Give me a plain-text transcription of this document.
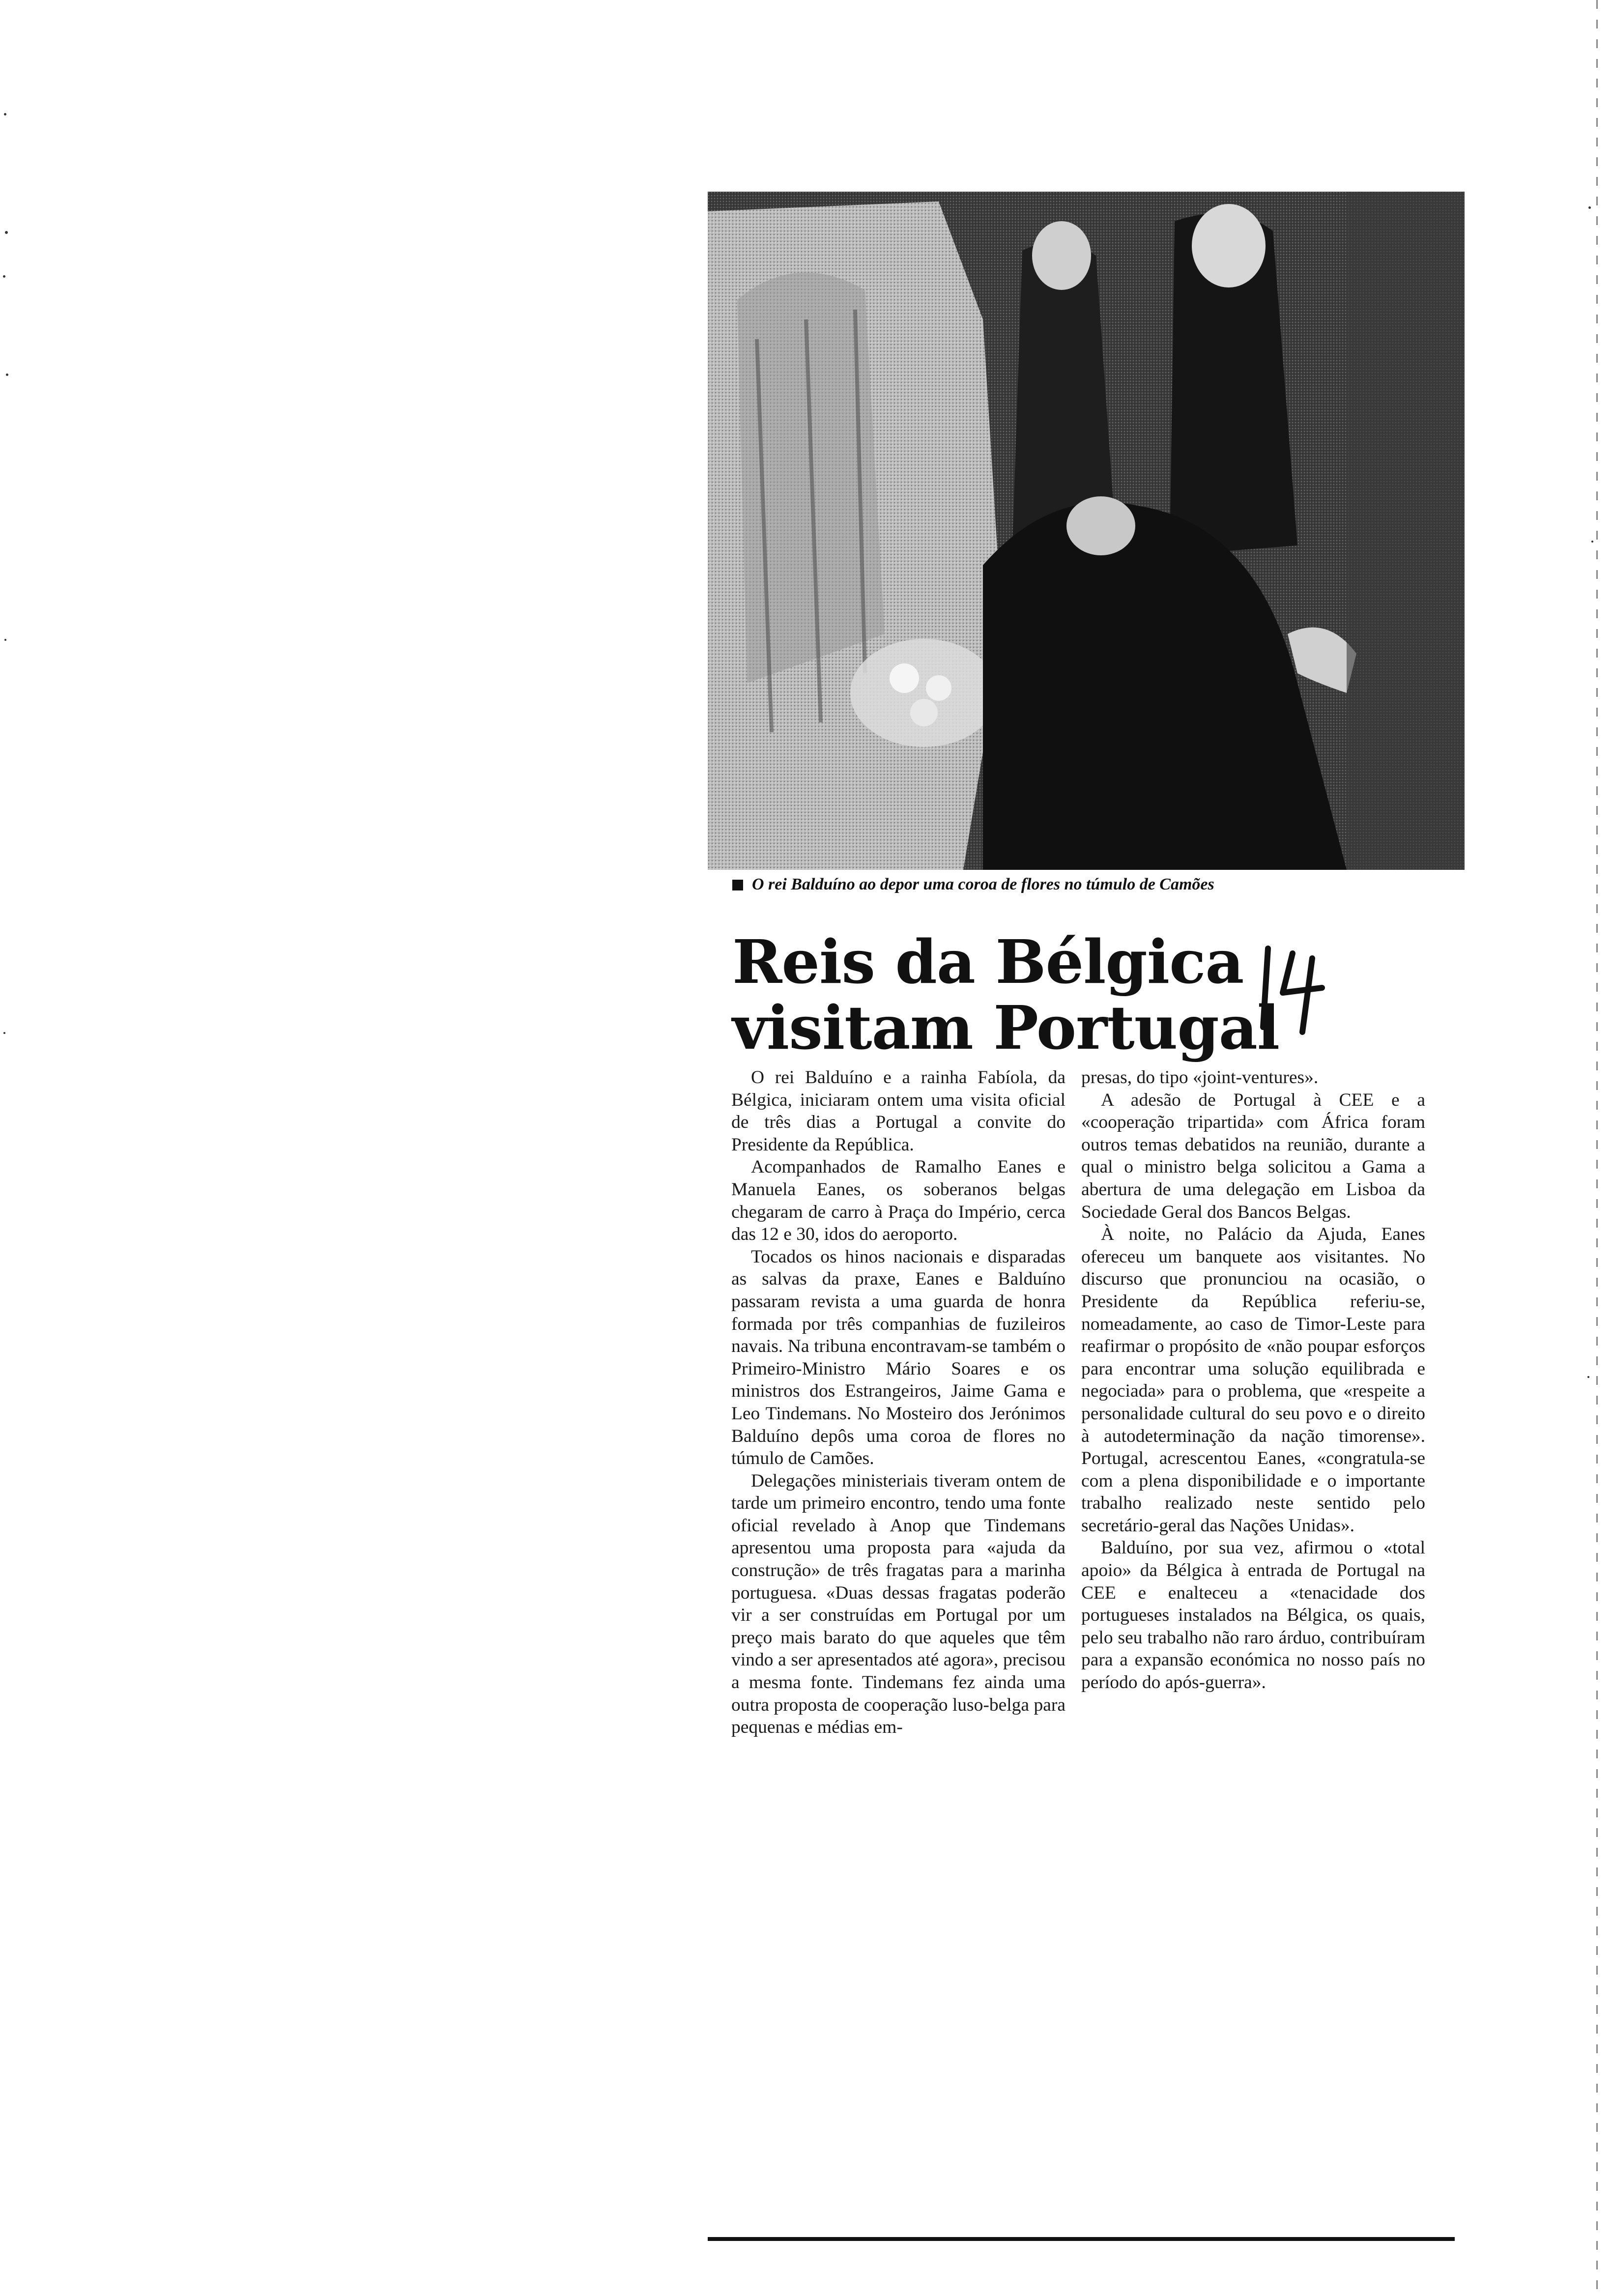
O rei Balduíno ao depor uma coroa de flores no túmulo de Camões
Reis da Bélgica
visitam Portugal

O rei Balduíno e a rainha Fabíola, da Bélgica, iniciaram ontem uma visita oficial de três dias a Portugal a convite do Presidente da República.

Acompanhados de Ramalho Eanes e Manuela Eanes, os soberanos belgas chegaram de carro à Praça do Império, cerca das 12 e 30, idos do aeroporto.

Tocados os hinos nacionais e disparadas as salvas da praxe, Eanes e Balduíno passaram revista a uma guarda de honra formada por três companhias de fuzileiros navais. Na tribuna encontravam-se também o Primeiro-Ministro Mário Soares e os ministros dos Estrangeiros, Jaime Gama e Leo Tindemans. No Mosteiro dos Jerónimos Balduíno depôs uma coroa de flores no túmulo de Camões.

Delegações ministeriais tiveram ontem de tarde um primeiro encontro, tendo uma fonte oficial revelado à Anop que Tindemans apresentou uma proposta para «ajuda da construção» de três fragatas para a marinha portuguesa. «Duas dessas fragatas poderão vir a ser construídas em Portugal por um preço mais barato do que aqueles que têm vindo a ser apresentados até agora», precisou a mesma fonte. Tindemans fez ainda uma outra proposta de cooperação luso-belga para pequenas e médias em-

presas, do tipo «joint-ventures».

A adesão de Portugal à CEE e a «cooperação tripartida» com África foram outros temas debatidos na reunião, durante a qual o ministro belga solicitou a Gama a abertura de uma delegação em Lisboa da Sociedade Geral dos Bancos Belgas.

À noite, no Palácio da Ajuda, Eanes ofereceu um banquete aos visitantes. No discurso que pronunciou na ocasião, o Presidente da República referiu-se, nomeadamente, ao caso de Timor-Leste para reafirmar o propósito de «não poupar esforços para encontrar uma solução equilibrada e negociada» para o problema, que «respeite a personalidade cultural do seu povo e o direito à autodeterminação da nação timorense». Portugal, acrescentou Eanes, «congratula-se com a plena disponibilidade e o importante trabalho realizado neste sentido pelo secretário-geral das Nações Unidas».

Balduíno, por sua vez, afirmou o «total apoio» da Bélgica à entrada de Portugal na CEE e enalteceu a «tenacidade dos portugueses instalados na Bélgica, os quais, pelo seu trabalho não raro árduo, contribuíram para a expansão económica no nosso país no período do após-guerra».
